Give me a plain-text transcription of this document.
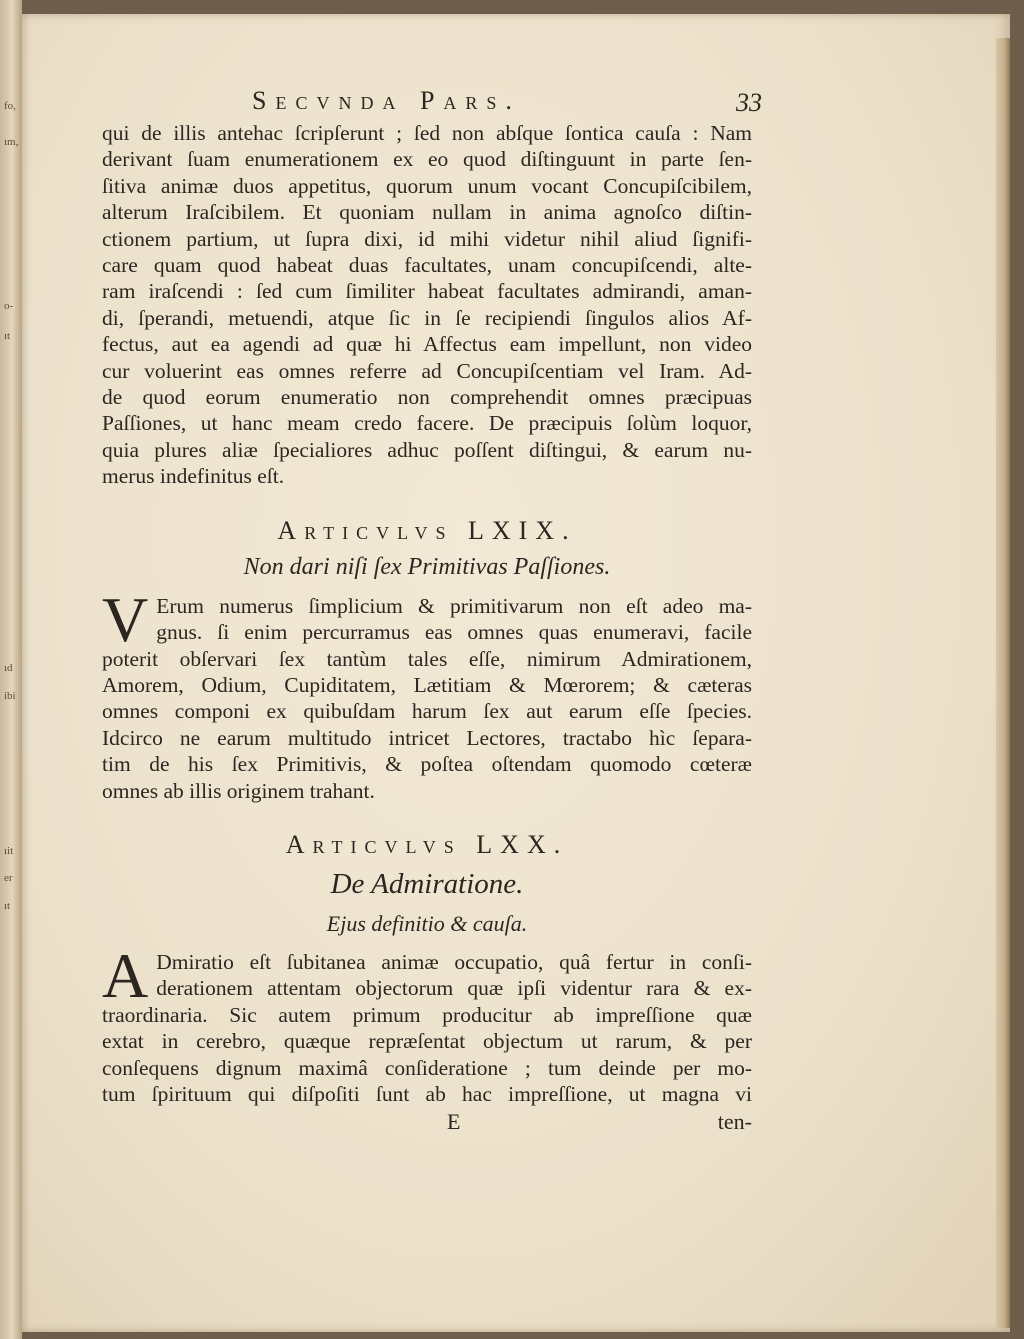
fo,
ım,
o-
ıt
ıd
ibi
ıit
er
ıt
Secvnda Pars.	33
qui de illis antehac ſcripſerunt ; ſed non abſque ſontica cauſa : Nam
derivant ſuam enumerationem ex eo quod diſtinguunt in parte ſen-
ſitiva animæ duos appetitus, quorum unum vocant Concupiſcibilem,
alterum Iraſcibilem. Et quoniam nullam in anima agnoſco diſtin-
ctionem partium, ut ſupra dixi, id mihi videtur nihil aliud ſignifi-
care quam quod habeat duas facultates, unam concupiſcendi, alte-
ram iraſcendi : ſed cum ſimiliter habeat facultates admirandi, aman-
di, ſperandi, metuendi, atque ſic in ſe recipiendi ſingulos alios Af-
fectus, aut ea agendi ad quæ hi Affectus eam impellunt, non video
cur voluerint eas omnes referre ad Concupiſcentiam vel Iram. Ad-
de quod eorum enumeratio non comprehendit omnes præcipuas
Paſſiones, ut hanc meam credo facere. De præcipuis ſolùm loquor,
quia plures aliæ ſpecialiores adhuc poſſent diſtingui, & earum nu-
merus indefinitus eſt.
Articvlvs LXIX.
Non dari niſi ſex Primitivas Paſſiones.
V Erum numerus ſimplicium & primitivarum non eſt adeo ma-
gnus. ſi enim percurramus eas omnes quas enumeravi, facile
poterit obſervari ſex tantùm tales eſſe, nimirum Admirationem,
Amorem, Odium, Cupiditatem, Lætitiam & Mœrorem; & cæteras
omnes componi ex quibuſdam harum ſex aut earum eſſe ſpecies.
Idcirco ne earum multitudo intricet Lectores, tractabo hìc ſepara-
tim de his ſex Primitivis, & poſtea oſtendam quomodo cœteræ
omnes ab illis originem trahant.
Articvlvs LXX.
De Admiratione.
Ejus definitio & cauſa.
A Dmiratio eſt ſubitanea animæ occupatio, quâ fertur in conſi-
derationem attentam objectorum quæ ipſi videntur rara & ex-
traordinaria. Sic autem primum producitur ab impreſſione quæ
extat in cerebro, quæque repræſentat objectum ut rarum, & per
conſequens dignum maximâ conſideratione ; tum deinde per mo-
tum ſpirituum qui diſpoſiti ſunt ab hac impreſſione, ut magna vi
E	ten-
